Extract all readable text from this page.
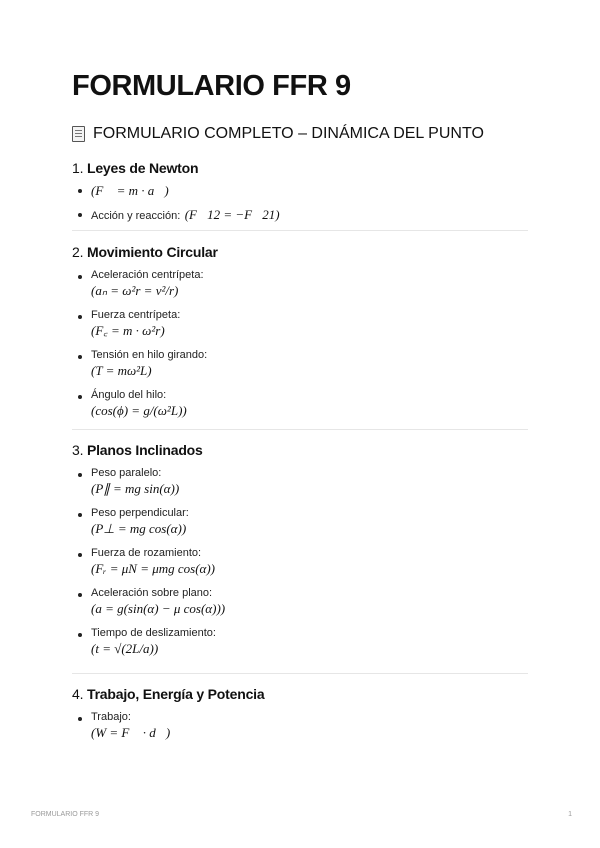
FORMULARIO FFR 9
FORMULARIO COMPLETO – DINÁMICA DEL PUNTO
1. Leyes de Newton
(F⃗ = m · a⃗)
Acción y reacción: (F⃗12 = −F⃗21)
2. Movimiento Circular
Aceleración centrípeta:
(aₙ = ω²r = v²/r)
Fuerza centrípeta:
(F꜀ = m · ω²r)
Tensión en hilo girando:
(T = mω²L)
Ángulo del hilo:
(cos(ϕ) = g/(ω²L))
3. Planos Inclinados
Peso paralelo:
(P∥ = mg sin(α))
Peso perpendicular:
(P⊥ = mg cos(α))
Fuerza de rozamiento:
(Fᵣ = μN = μmg cos(α))
Aceleración sobre plano:
(a = g(sin(α) − μ cos(α)))
Tiempo de deslizamiento:
(t = √(2L/a))
4. Trabajo, Energía y Potencia
Trabajo:
(W = F⃗ · d⃗)
FORMULARIO FFR 9	1
